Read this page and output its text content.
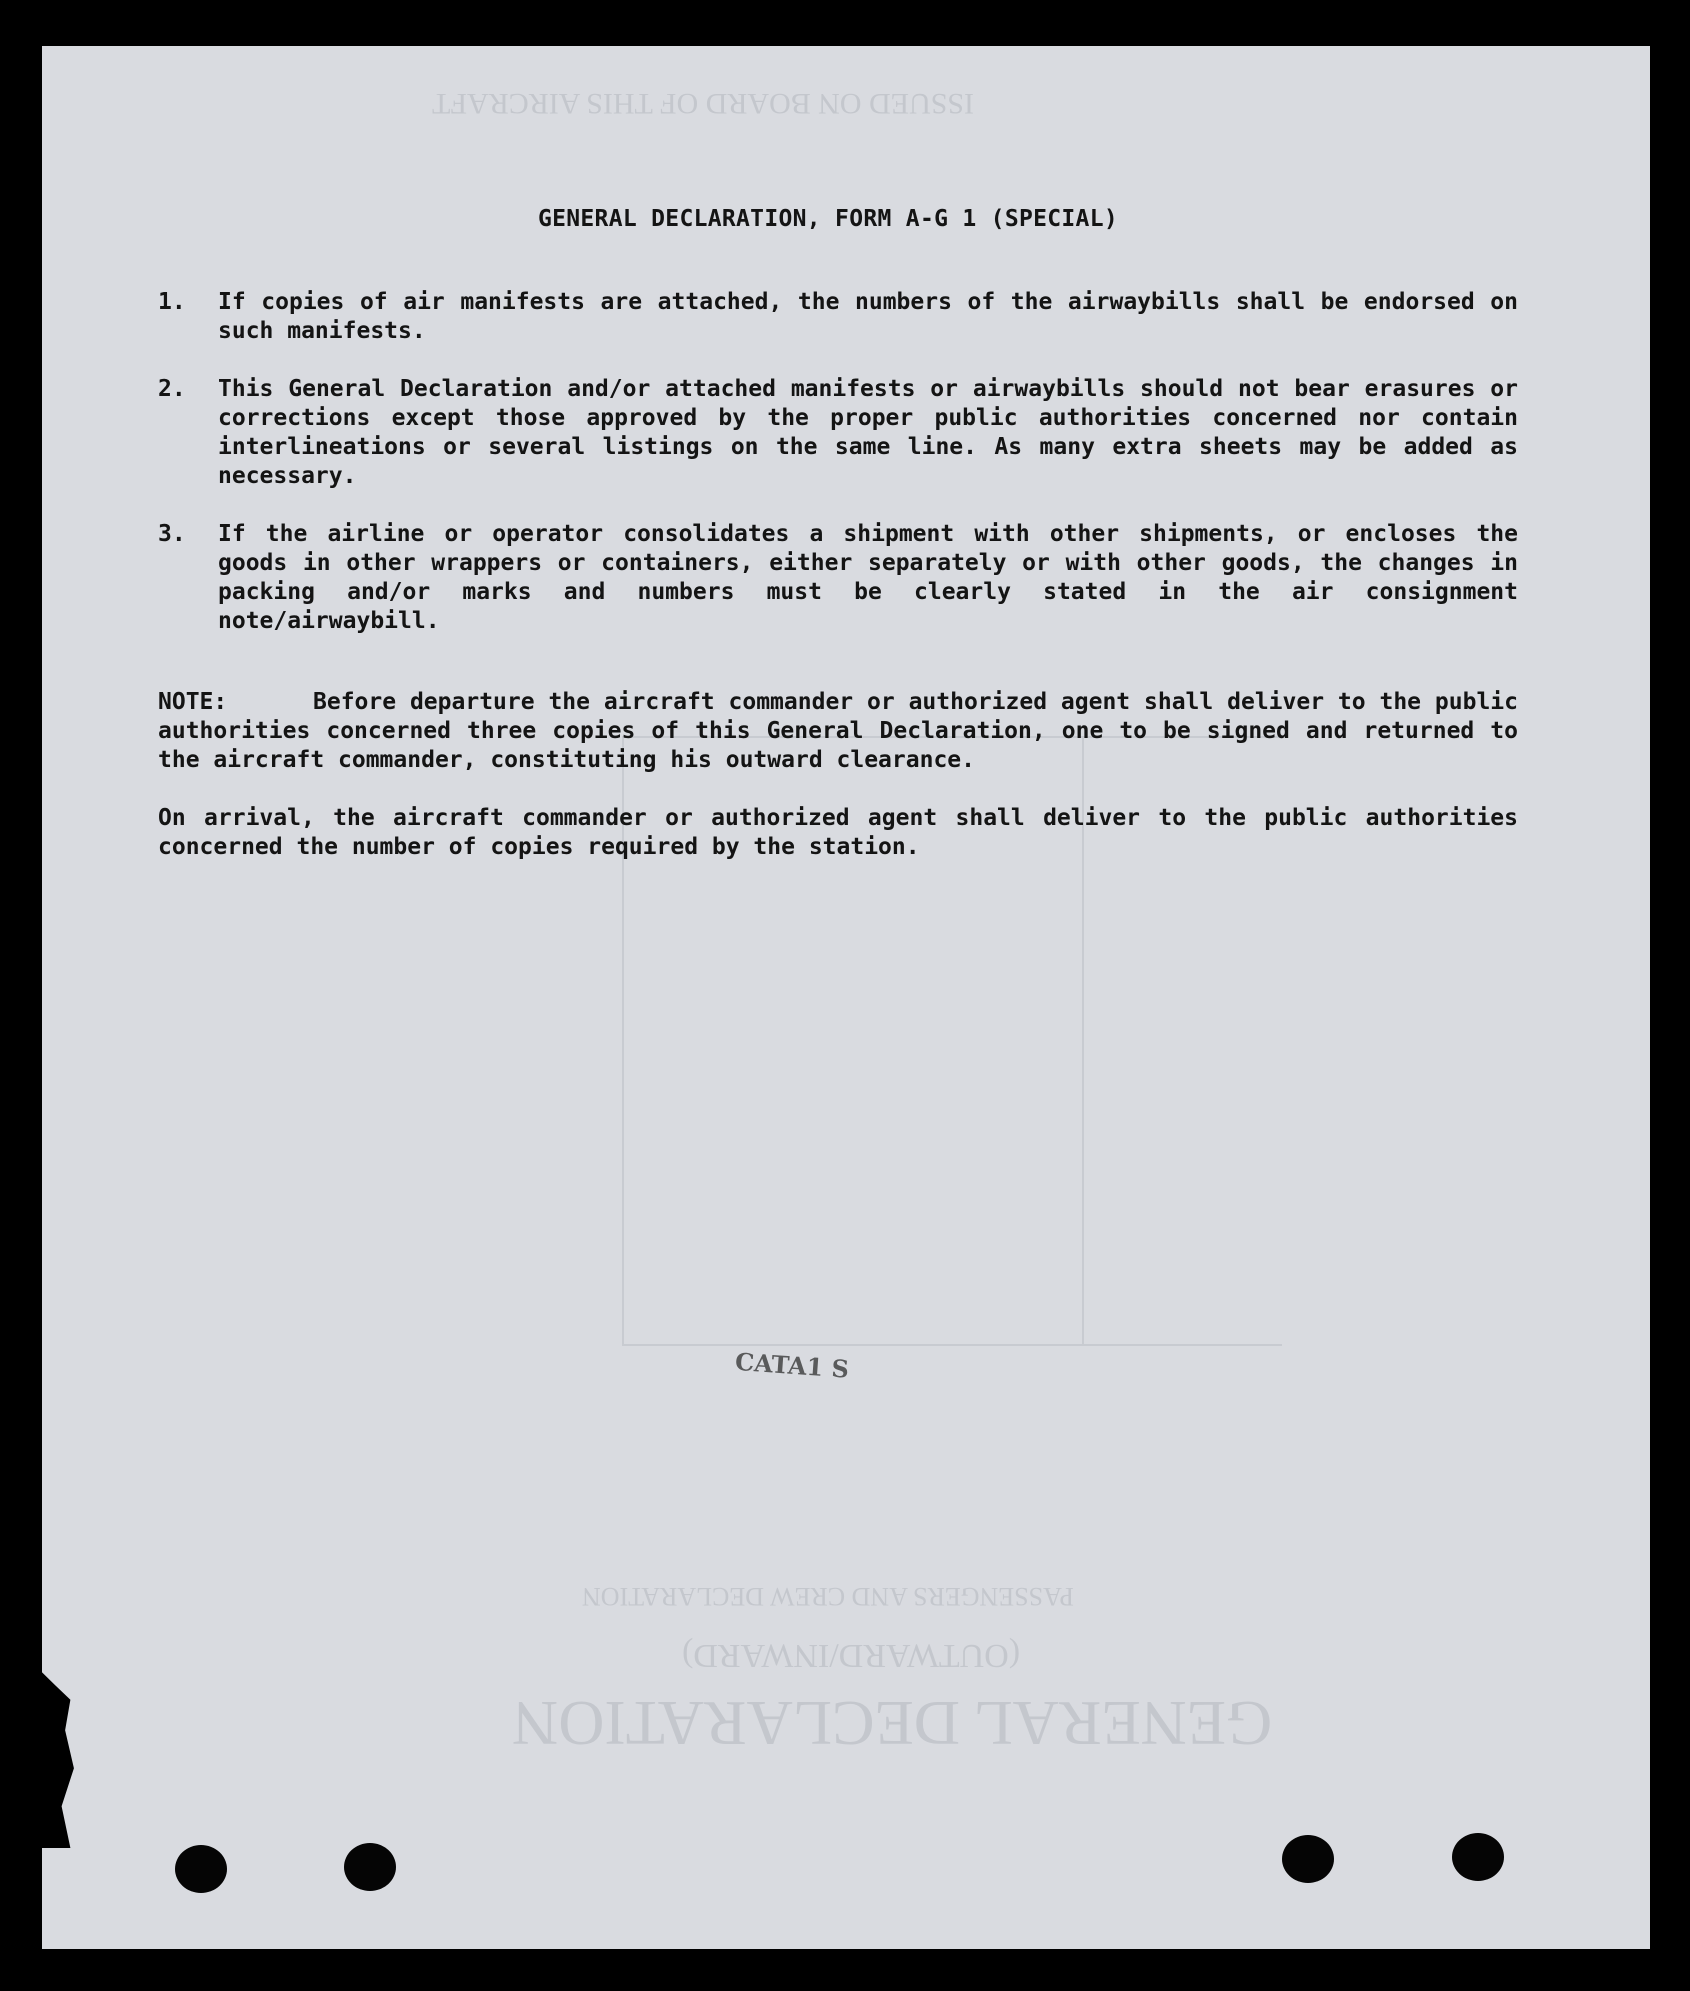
GENERAL DECLARATION
(OUTWARD/INWARD)
PASSENGERS AND CREW DECLARATION
ISSUED ON BOARD OF THIS AIRCRAFT
CATA1 S
GENERAL DECLARATION, FORM A-G 1 (SPECIAL)
1.	If copies of air manifests are attached, the numbers of the airwaybills shall be endorsed on such manifests.
2.	This General Declaration and/or attached manifests or airwaybills should not bear erasures or corrections except those approved by the proper public authorities concerned nor contain interlineations or several listings on the same line. As many extra sheets may be added as necessary.
3.	If the airline or operator consolidates a shipment with other shipments, or encloses the goods in other wrappers or containers, either separately or with other goods, the changes in packing and/or marks and numbers must be clearly stated in the air consignment note/airwaybill.
NOTE:	Before departure the aircraft commander or authorized agent shall deliver to the public authorities concerned three copies of this General Declaration, one to be signed and returned to the aircraft commander, constituting his outward clearance.
On arrival, the aircraft commander or authorized agent shall deliver to the public authorities concerned the number of copies required by the station.
